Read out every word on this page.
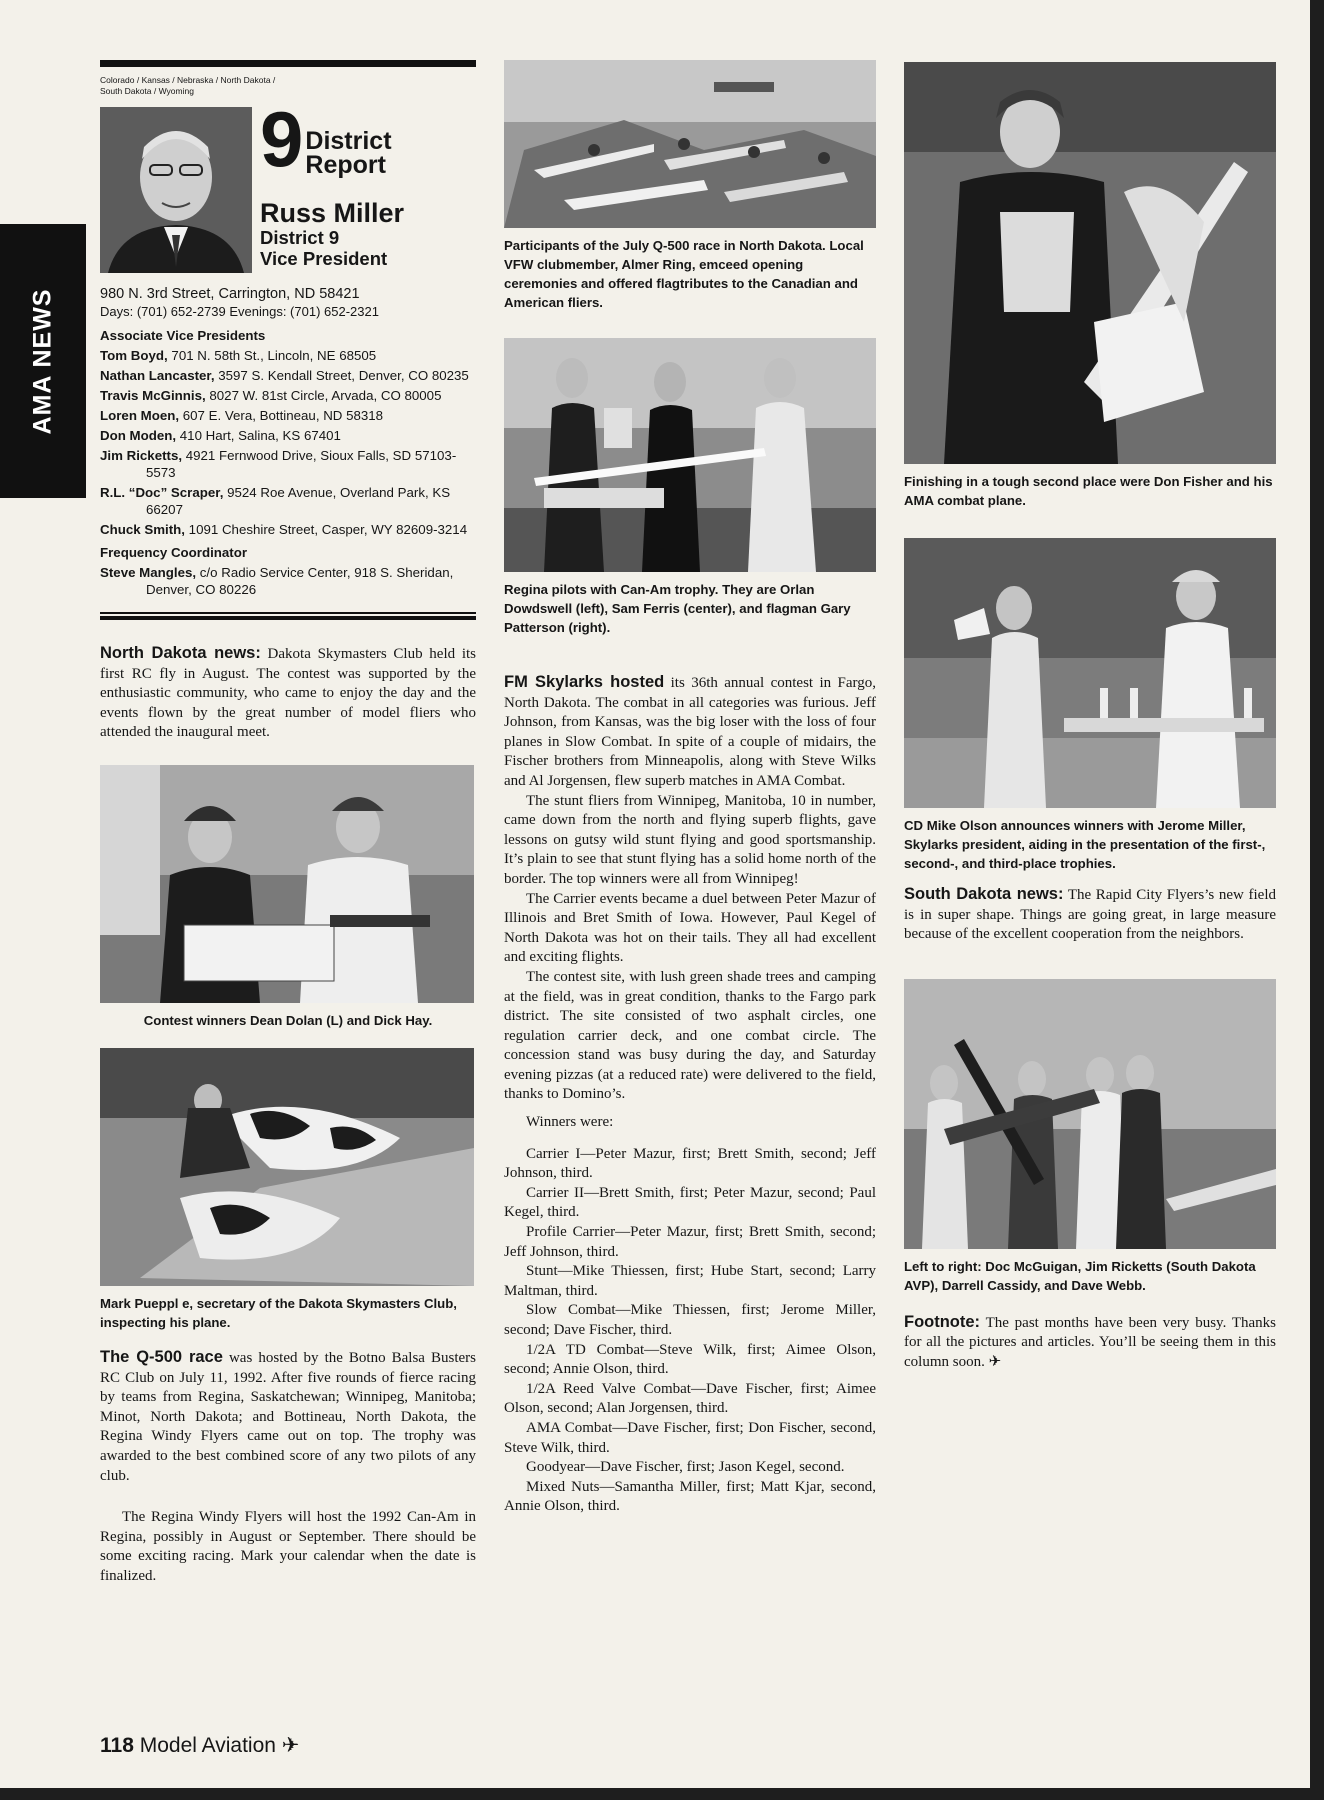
AMA NEWS
Colorado / Kansas / Nebraska / North Dakota /
South Dakota / Wyoming
9 District
Report
Russ Miller
District 9
Vice President
980 N. 3rd Street, Carrington, ND 58421
Days: (701) 652-2739 Evenings: (701) 652-2321
Associate Vice Presidents
Tom Boyd, 701 N. 58th St., Lincoln, NE 68505
Nathan Lancaster, 3597 S. Kendall Street, Denver, CO 80235
Travis McGinnis, 8027 W. 81st Circle, Arvada, CO 80005
Loren Moen, 607 E. Vera, Bottineau, ND 58318
Don Moden, 410 Hart, Salina, KS 67401
Jim Ricketts, 4921 Fernwood Drive, Sioux Falls, SD 57103-5573
R.L. “Doc” Scraper, 9524 Roe Avenue, Overland Park, KS 66207
Chuck Smith, 1091 Cheshire Street, Casper, WY 82609-3214
Frequency Coordinator
Steve Mangles, c/o Radio Service Center, 918 S. Sheridan, Denver, CO 80226

North Dakota news: Dakota Skymasters Club held its first RC fly in August. The contest was supported by the enthusiastic community, who came to enjoy the day and the events flown by the great number of model fliers who attended the inaugural meet.

Contest winners Dean Dolan (L) and Dick Hay.

Mark Pueppl e, secretary of the Dakota Skymasters Club, inspecting his plane.

The Q-500 race was hosted by the Botno Balsa Busters RC Club on July 11, 1992. After five rounds of fierce racing by teams from Regina, Saskatchewan; Winnipeg, Manitoba; Minot, North Dakota; and Bottineau, North Dakota, the Regina Windy Flyers came out on top. The trophy was awarded to the best combined score of any two pilots of any club.

The Regina Windy Flyers will host the 1992 Can-Am in Regina, possibly in August or September. There should be some exciting racing. Mark your calendar when the date is finalized.

Participants of the July Q-500 race in North Dakota. Local VFW clubmember, Almer Ring, emceed opening ceremonies and offered flagtributes to the Canadian and American fliers.

Regina pilots with Can-Am trophy. They are Orlan Dowdswell (left), Sam Ferris (center), and flagman Gary Patterson (right).

FM Skylarks hosted its 36th annual contest in Fargo, North Dakota. The combat in all categories was furious. Jeff Johnson, from Kansas, was the big loser with the loss of four planes in Slow Combat. In spite of a couple of midairs, the Fischer brothers from Minneapolis, along with Steve Wilks and Al Jorgensen, flew superb matches in AMA Combat.

The stunt fliers from Winnipeg, Manitoba, 10 in number, came down from the north and flying superb flights, gave lessons on gutsy wild stunt flying and good sportsmanship. It’s plain to see that stunt flying has a solid home north of the border. The top winners were all from Winnipeg!

The Carrier events became a duel between Peter Mazur of Illinois and Bret Smith of Iowa. However, Paul Kegel of North Dakota was hot on their tails. They all had excellent and exciting flights.

The contest site, with lush green shade trees and camping at the field, was in great condition, thanks to the Fargo park district. The site consisted of two asphalt circles, one regulation carrier deck, and one combat circle. The concession stand was busy during the day, and Saturday evening pizzas (at a reduced rate) were delivered to the field, thanks to Domino’s.

Winners were:

Carrier I—Peter Mazur, first; Brett Smith, second; Jeff Johnson, third.

Carrier II—Brett Smith, first; Peter Mazur, second; Paul Kegel, third.

Profile Carrier—Peter Mazur, first; Brett Smith, second; Jeff Johnson, third.

Stunt—Mike Thiessen, first; Hube Start, second; Larry Maltman, third.

Slow Combat—Mike Thiessen, first; Jerome Miller, second; Dave Fischer, third.

1/2A TD Combat—Steve Wilk, first; Aimee Olson, second; Annie Olson, third.

1/2A Reed Valve Combat—Dave Fischer, first; Aimee Olson, second; Alan Jorgensen, third.

AMA Combat—Dave Fischer, first; Don Fischer, second, Steve Wilk, third.

Goodyear—Dave Fischer, first; Jason Kegel, second.

Mixed Nuts—Samantha Miller, first; Matt Kjar, second, Annie Olson, third.

Finishing in a tough second place were Don Fisher and his AMA combat plane.

CD Mike Olson announces winners with Jerome Miller, Skylarks president, aiding in the presentation of the first-, second-, and third-place trophies.

South Dakota news: The Rapid City Flyers’s new field is in super shape. Things are going great, in large measure because of the excellent cooperation from the neighbors.

Left to right: Doc McGuigan, Jim Ricketts (South Dakota AVP), Darrell Cassidy, and Dave Webb.

Footnote: The past months have been very busy. Thanks for all the pictures and articles. You’ll be seeing them in this column soon. ✈

118 Model Aviation ✈
